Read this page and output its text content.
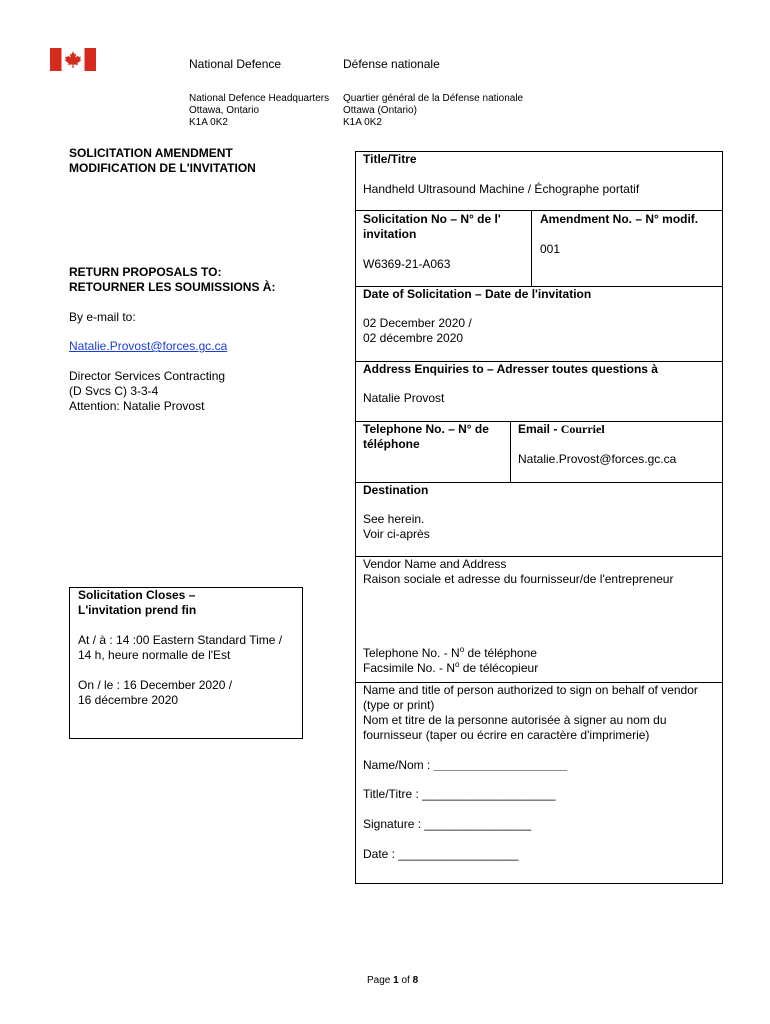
National Defence	Défense nationale
National Defence Headquarters
Ottawa, Ontario
K1A 0K2
Quartier général de la Défense nationale
Ottawa (Ontario)
K1A 0K2
SOLICITATION AMENDMENT
MODIFICATION DE L'INVITATION
RETURN PROPOSALS TO:
RETOURNER LES SOUMISSIONS À:
By e-mail to:
Natalie.Provost@forces.gc.ca
Director Services Contracting
(D Svcs C) 3-3-4
Attention: Natalie Provost
Solicitation Closes –
L'invitation prend fin
At / à : 14 :00 Eastern Standard Time /
14 h, heure normalle de l'Est
On / le : 16 December 2020 /
16 décembre 2020
Title/Titre
Handheld Ultrasound Machine / Échographe portatif
Solicitation No – N° de l'
invitation
W6369-21-A063
Amendment No. – N° modif.
001
Date of Solicitation – Date de l'invitation
02 December 2020 /
02 décembre 2020
Address Enquiries to – Adresser toutes questions à
Natalie Provost
Telephone No. – N° de
téléphone
Email - Courriel
Natalie.Provost@forces.gc.ca
Destination
See herein.
Voir ci-après
Vendor Name and Address
Raison sociale et adresse du fournisseur/de l'entrepreneur
Telephone No. - $N^o$ de téléphone
Facsimile No. - $N^o$ de télécopieur
Name and title of person authorized to sign on behalf of vendor
(type or print)
Nom et titre de la personne autorisée à signer au nom du
fournisseur (taper ou écrire en caractère d'imprimerie)
Name/Nom : ____________________
Title/Titre : ____________________
Signature : ________________
Date : __________________
Page 1 of 8
